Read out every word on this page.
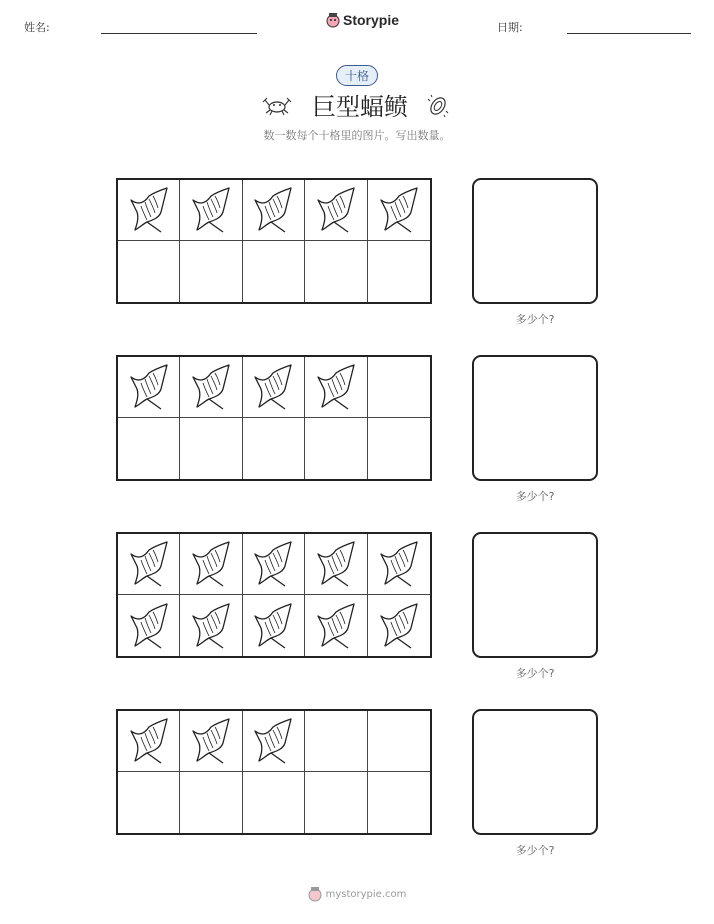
姓名:	Storypie	日期:
十格
巨型蝠鲼
数一数每个十格里的图片。写出数量。
多少个?
多少个?
多少个?
多少个?
mystorypie.com
